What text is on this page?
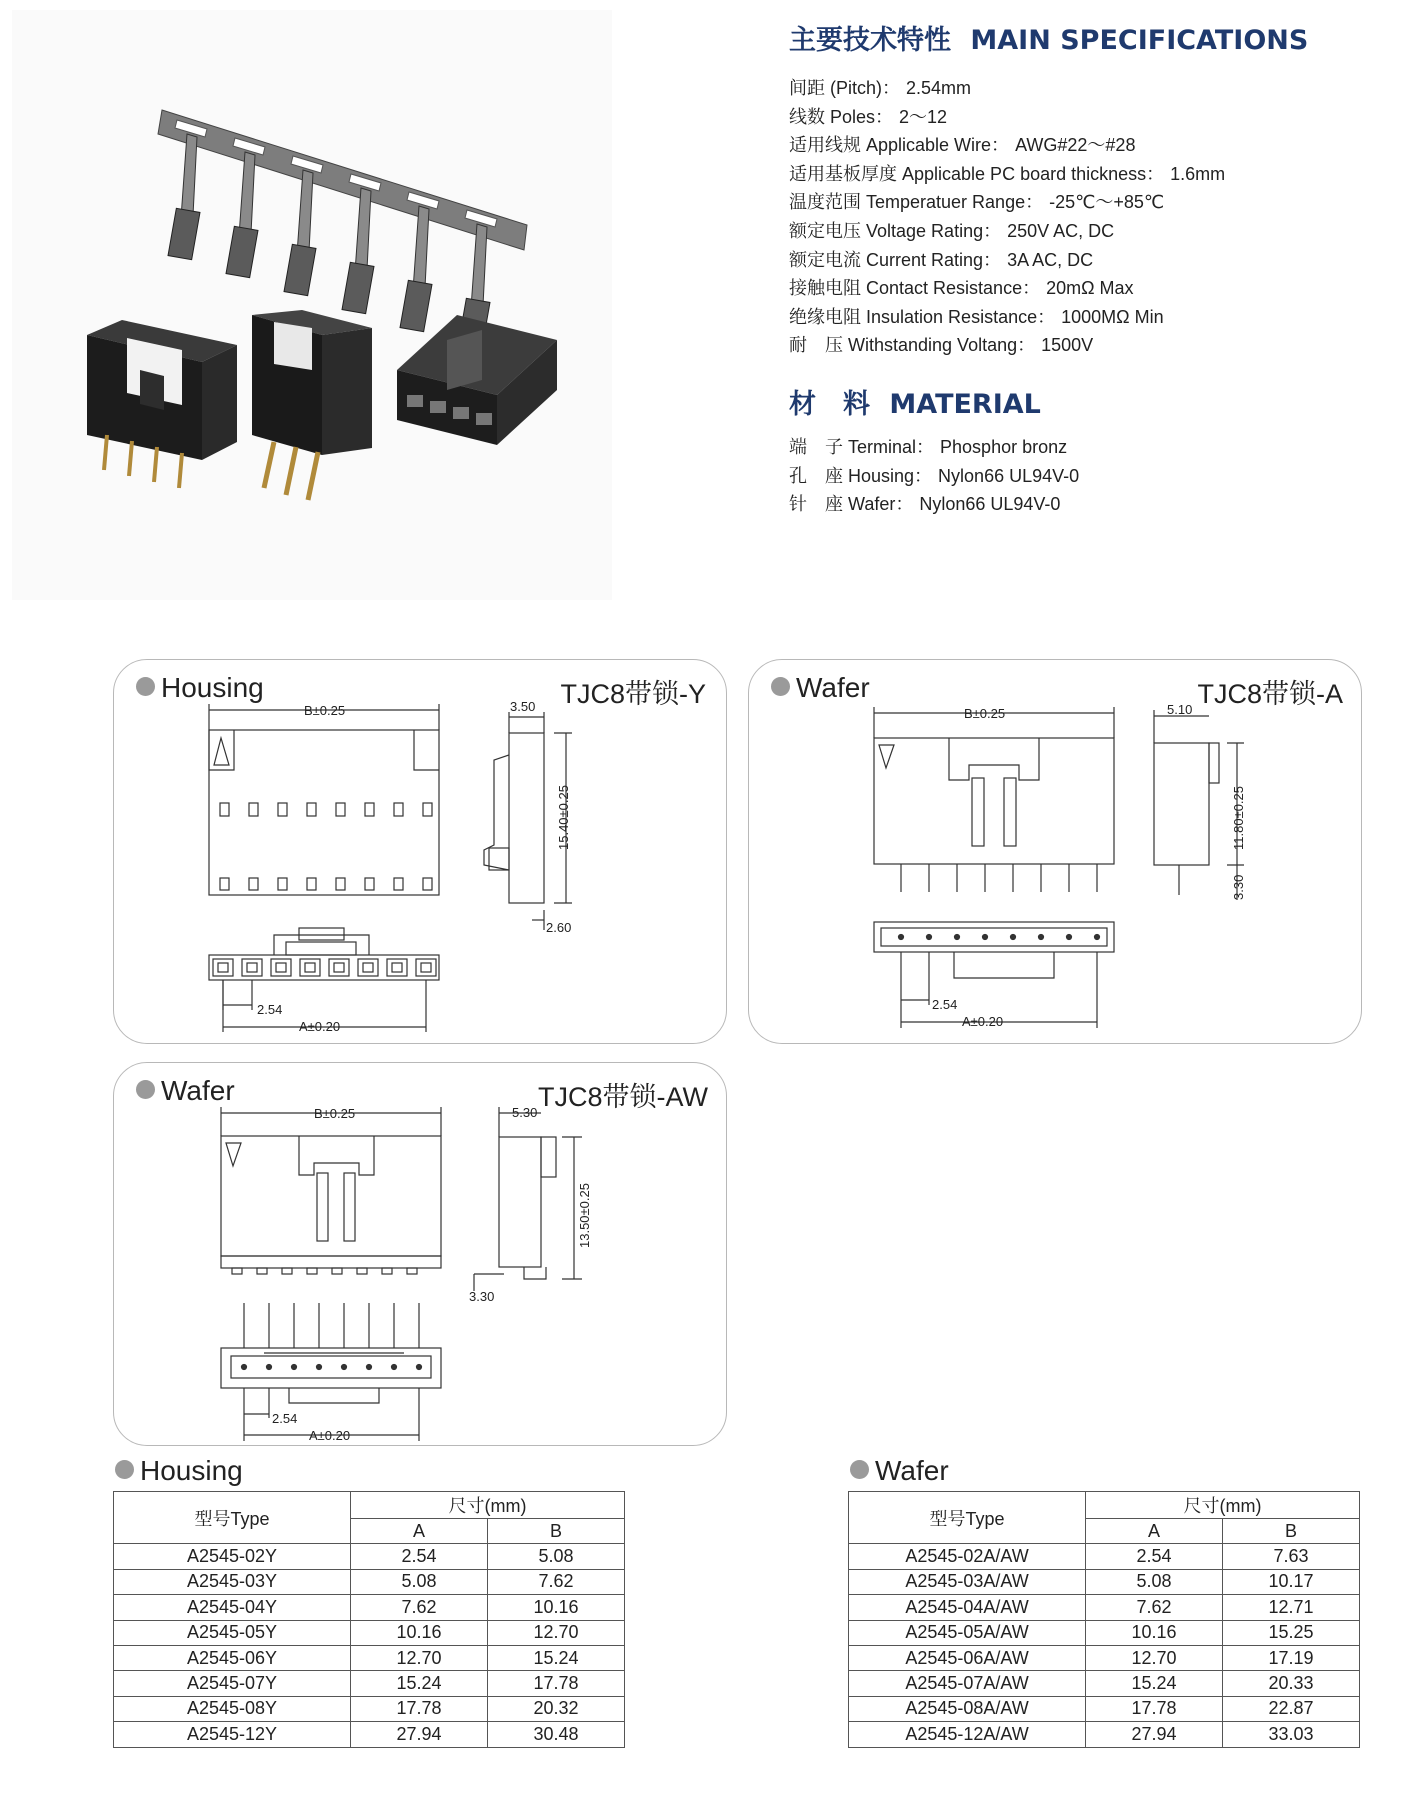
主要技术特性 MAIN SPECIFICATIONS
间距 (Pitch)： 2.54mm
线数 Poles： 2～12
适用线规 Applicable Wire： AWG#22～#28
适用基板厚度 Applicable PC board thickness： 1.6mm
温度范围 Temperatuer Range： -25℃～+85℃
额定电压 Voltage Rating： 250V AC, DC
额定电流 Current Rating： 3A AC, DC
接触电阻 Contact Resistance： 20mΩ Max
绝缘电阻 Insulation Resistance： 1000MΩ Min
耐　压 Withstanding Voltang： 1500V
材　料 MATERIAL
端　子 Terminal： Phosphor bronz
孔　座 Housing： Nylon66 UL94V-0
针　座 Wafer： Nylon66 UL94V-0
Housing	TJC8带锁-Y
B±0.25	3.50
15.40±0.25
2.60
2.54
A±0.20
Wafer	TJC8带锁-A
B±0.25	5.10
11.80±0.25
3.30
2.54
A±0.20
Wafer	TJC8带锁-AW
B±0.25	5.30
13.50±0.25
3.30
2.54
A±0.20
Housing
型号Type	尺寸(mm)	
	A	B
A2545-02Y	2.54	5.08
A2545-03Y	5.08	7.62
A2545-04Y	7.62	10.16
A2545-05Y	10.16	12.70
A2545-06Y	12.70	15.24
A2545-07Y	15.24	17.78
A2545-08Y	17.78	20.32
A2545-12Y	27.94	30.48
Wafer
型号Type	尺寸(mm)	
	A	B
A2545-02A/AW	2.54	7.63
A2545-03A/AW	5.08	10.17
A2545-04A/AW	7.62	12.71
A2545-05A/AW	10.16	15.25
A2545-06A/AW	12.70	17.19
A2545-07A/AW	15.24	20.33
A2545-08A/AW	17.78	22.87
A2545-12A/AW	27.94	33.03
